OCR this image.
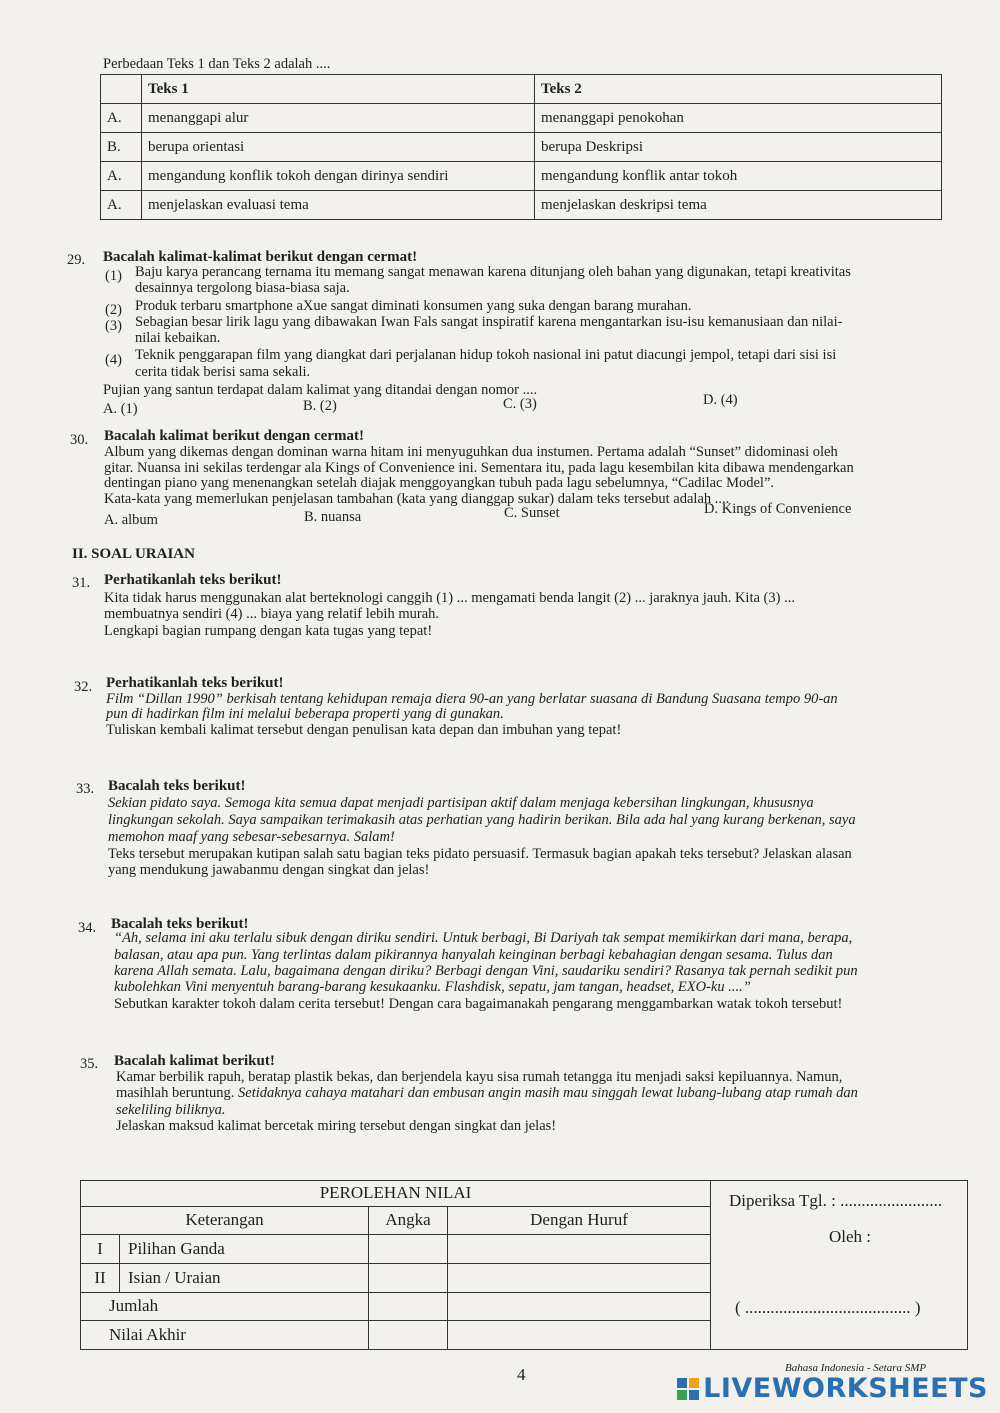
Perbedaan Teks 1 dan Teks 2 adalah ....
	Teks 1	Teks 2
A.	menanggapi alur	menanggapi penokohan
B.	berupa orientasi	berupa Deskripsi
A.	mengandung konflik tokoh dengan dirinya sendiri	mengandung konflik antar tokoh
A.	menjelaskan evaluasi tema	menjelaskan deskripsi tema
29. Bacalah kalimat-kalimat berikut dengan cermat!
(1) Baju karya perancang ternama itu memang sangat menawan karena ditunjang oleh bahan yang digunakan, tetapi kreativitas
desainnya tergolong biasa-biasa saja.
(2) Produk terbaru smartphone aXue sangat diminati konsumen yang suka dengan barang murahan.
(3) Sebagian besar lirik lagu yang dibawakan Iwan Fals sangat inspiratif karena mengantarkan isu-isu kemanusiaan dan nilai-
nilai kebaikan.
(4) Teknik penggarapan film yang diangkat dari perjalanan hidup tokoh nasional ini patut diacungi jempol, tetapi dari sisi isi
cerita tidak berisi sama sekali.
Pujian yang santun terdapat dalam kalimat yang ditandai dengan nomor ....
A. (1)	B. (2)	C. (3)	D. (4)
30. Bacalah kalimat berikut dengan cermat!
Album yang dikemas dengan dominan warna hitam ini menyuguhkan dua instumen. Pertama adalah “Sunset” didominasi oleh
gitar. Nuansa ini sekilas terdengar ala Kings of Convenience ini. Sementara itu, pada lagu kesembilan kita dibawa mendengarkan
dentingan piano yang menenangkan setelah diajak menggoyangkan tubuh pada lagu sebelumnya, “Cadilac Model”.
Kata-kata yang memerlukan penjelasan tambahan (kata yang dianggap sukar) dalam teks tersebut adalah ....
A. album	B. nuansa	C. Sunset	D. Kings of Convenience
II. SOAL URAIAN
31. Perhatikanlah teks berikut!
Kita tidak harus menggunakan alat berteknologi canggih (1) ... mengamati benda langit (2) ... jaraknya jauh. Kita (3) ...
membuatnya sendiri (4) ... biaya yang relatif lebih murah.
Lengkapi bagian rumpang dengan kata tugas yang tepat!
32. Perhatikanlah teks berikut!
Film “Dillan 1990” berkisah tentang kehidupan remaja diera 90-an yang berlatar suasana di Bandung Suasana tempo 90-an
pun di hadirkan film ini melalui beberapa properti yang di gunakan.
Tuliskan kembali kalimat tersebut dengan penulisan kata depan dan imbuhan yang tepat!
33. Bacalah teks berikut!
Sekian pidato saya. Semoga kita semua dapat menjadi partisipan aktif dalam menjaga kebersihan lingkungan, khususnya
lingkungan sekolah. Saya sampaikan terimakasih atas perhatian yang hadirin berikan. Bila ada hal yang kurang berkenan, saya
memohon maaf yang sebesar-sebesarnya. Salam!
Teks tersebut merupakan kutipan salah satu bagian teks pidato persuasif. Termasuk bagian apakah teks tersebut? Jelaskan alasan
yang mendukung jawabanmu dengan singkat dan jelas!
34. Bacalah teks berikut!
“Ah, selama ini aku terlalu sibuk dengan diriku sendiri. Untuk berbagi, Bi Dariyah tak sempat memikirkan dari mana, berapa,
balasan, atau apa pun. Yang terlintas dalam pikirannya hanyalah keinginan berbagi kebahagian dengan sesama. Tulus dan
karena Allah semata. Lalu, bagaimana dengan diriku? Berbagi dengan Vini, saudariku sendiri? Rasanya tak pernah sedikit pun
kubolehkan Vini menyentuh barang-barang kesukaanku. Flashdisk, sepatu, jam tangan, headset, EXO-ku ....”
Sebutkan karakter tokoh dalam cerita tersebut! Dengan cara bagaimanakah pengarang menggambarkan watak tokoh tersebut!
35. Bacalah kalimat berikut!
Kamar berbilik rapuh, beratap plastik bekas, dan berjendela kayu sisa rumah tetangga itu menjadi saksi kepiluannya. Namun,
masihlah beruntung. Setidaknya cahaya matahari dan embusan angin masih mau singgah lewat lubang-lubang atap rumah dan
sekeliling biliknya.
Jelaskan maksud kalimat bercetak miring tersebut dengan singkat dan jelas!
PEROLEHAN NILAI				Diperiksa Tgl. : ........................
Oleh :
( ....................................... )

Keterangan		Angka	Dengan Huruf	
I	Pilihan Ganda			
II	Isian / Uraian			
Jumlah				
Nilai Akhir				
4	Bahasa Indonesia - Setara SMP
LIVEWORKSHEETS
